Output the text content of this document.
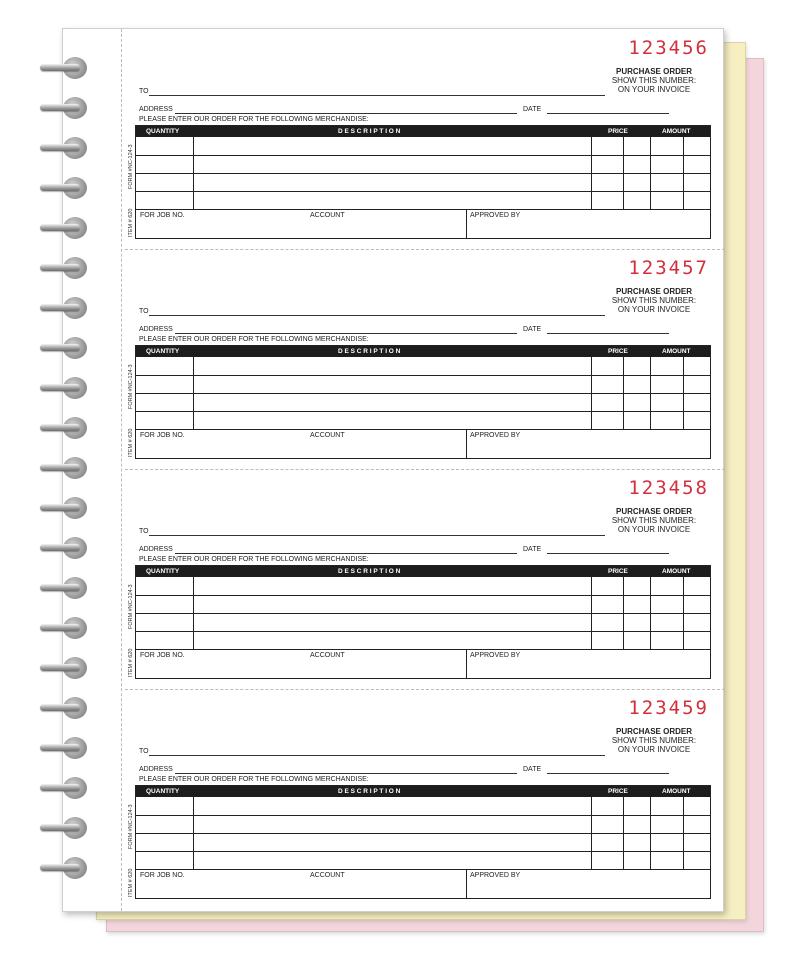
123456
PURCHASE ORDER
SHOW THIS NUMBER:
ON YOUR INVOICE
TO
ADDRESS	DATE
PLEASE ENTER OUR ORDER FOR THE FOLLOWING MERCHANDISE:
FORM #NC-124-3
ITEM # 620
QUANTITY	D E S C R I P T I O N	PRICE	AMOUNT
FOR JOB NO.	ACCOUNT	APPROVED BY
123457
PURCHASE ORDER
SHOW THIS NUMBER:
ON YOUR INVOICE
TO
ADDRESS	DATE
PLEASE ENTER OUR ORDER FOR THE FOLLOWING MERCHANDISE:
FORM #NC-124-3
ITEM # 620
QUANTITY	D E S C R I P T I O N	PRICE	AMOUNT
FOR JOB NO.	ACCOUNT	APPROVED BY
123458
PURCHASE ORDER
SHOW THIS NUMBER:
ON YOUR INVOICE
TO
ADDRESS	DATE
PLEASE ENTER OUR ORDER FOR THE FOLLOWING MERCHANDISE:
FORM #NC-124-3
ITEM # 620
QUANTITY	D E S C R I P T I O N	PRICE	AMOUNT
FOR JOB NO.	ACCOUNT	APPROVED BY
123459
PURCHASE ORDER
SHOW THIS NUMBER:
ON YOUR INVOICE
TO
ADDRESS	DATE
PLEASE ENTER OUR ORDER FOR THE FOLLOWING MERCHANDISE:
FORM #NC-124-3
ITEM # 620
QUANTITY	D E S C R I P T I O N	PRICE	AMOUNT
FOR JOB NO.	ACCOUNT	APPROVED BY
